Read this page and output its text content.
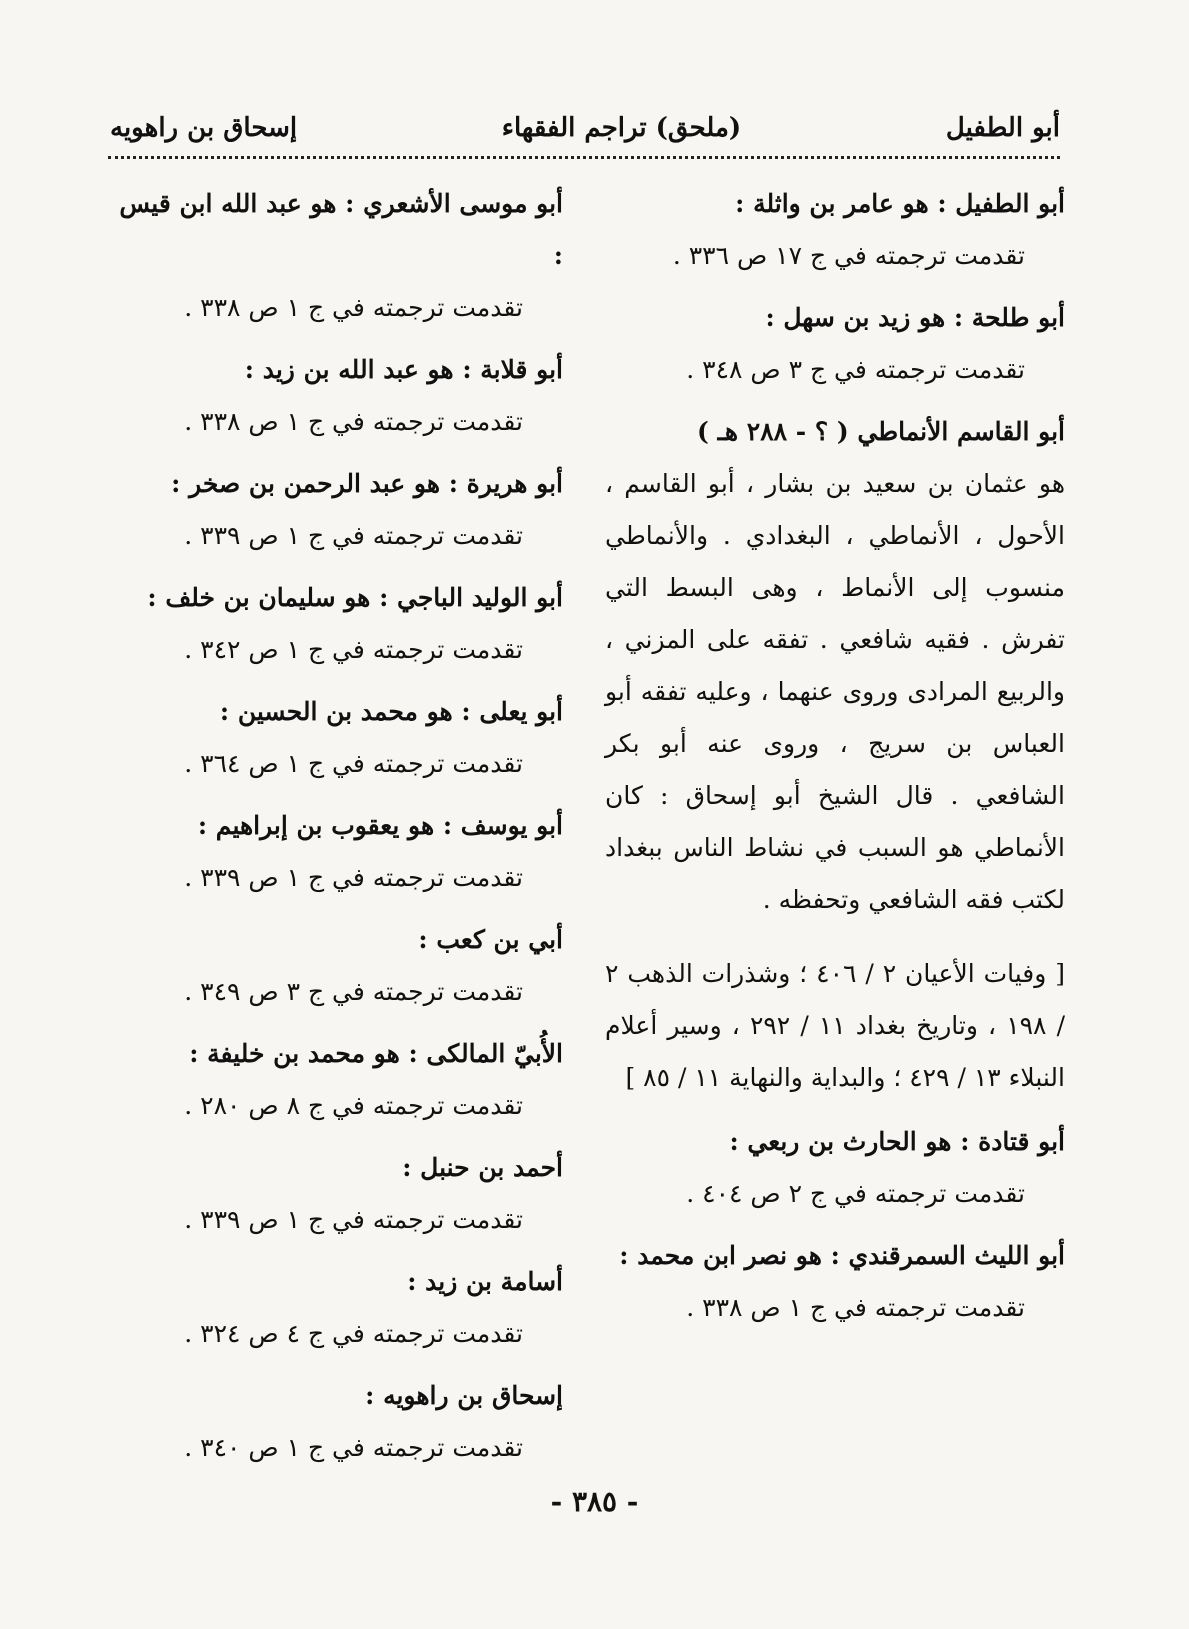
أبو الطفيل
(ملحق) تراجم الفقهاء
إسحاق بن راهويه
أبو الطفيل : هو عامر بن واثلة :
تقدمت ترجمته في ج ١٧ ص ٣٣٦ .
أبو طلحة : هو زيد بن سهل :
تقدمت ترجمته في ج ٣ ص ٣٤٨ .
أبو القاسم الأنماطي ( ؟ - ٢٨٨ هـ )
هو عثمان بن سعيد بن بشار ، أبو القاسم ، الأحول ، الأنماطي ، البغدادي . والأنماطي منسوب إلى الأنماط ، وهى البسط التي تفرش . فقيه شافعي . تفقه على المزني ، والربيع المرادى وروى عنهما ، وعليه تفقه أبو العباس بن سريج ، وروى عنه أبو بكر الشافعي . قال الشيخ أبو إسحاق : كان الأنماطي هو السبب في نشاط الناس ببغداد لكتب فقه الشافعي وتحفظه .
[ وفيات الأعيان ٢ / ٤٠٦ ؛ وشذرات الذهب ٢ / ١٩٨ ، وتاريخ بغداد ١١ / ٢٩٢ ، وسير أعلام النبلاء ١٣ / ٤٢٩ ؛ والبداية والنهاية ١١ / ٨٥ ]
أبو قتادة : هو الحارث بن ربعي :
تقدمت ترجمته في ج ٢ ص ٤٠٤ .
أبو الليث السمرقندي : هو نصر ابن محمد :
تقدمت ترجمته في ج ١ ص ٣٣٨ .
أبو موسى الأشعري : هو عبد الله ابن قيس :
تقدمت ترجمته في ج ١ ص ٣٣٨ .
أبو قلابة : هو عبد الله بن زيد :
تقدمت ترجمته في ج ١ ص ٣٣٨ .
أبو هريرة : هو عبد الرحمن بن صخر :
تقدمت ترجمته في ج ١ ص ٣٣٩ .
أبو الوليد الباجي : هو سليمان بن خلف :
تقدمت ترجمته في ج ١ ص ٣٤٢ .
أبو يعلى : هو محمد بن الحسين :
تقدمت ترجمته في ج ١ ص ٣٦٤ .
أبو يوسف : هو يعقوب بن إبراهيم :
تقدمت ترجمته في ج ١ ص ٣٣٩ .
أبي بن كعب :
تقدمت ترجمته في ج ٣ ص ٣٤٩ .
الأُبيّ المالكى : هو محمد بن خليفة :
تقدمت ترجمته في ج ٨ ص ٢٨٠ .
أحمد بن حنبل :
تقدمت ترجمته في ج ١ ص ٣٣٩ .
أسامة بن زيد :
تقدمت ترجمته في ج ٤ ص ٣٢٤ .
إسحاق بن راهويه :
تقدمت ترجمته في ج ١ ص ٣٤٠ .
- ٣٨٥ -
